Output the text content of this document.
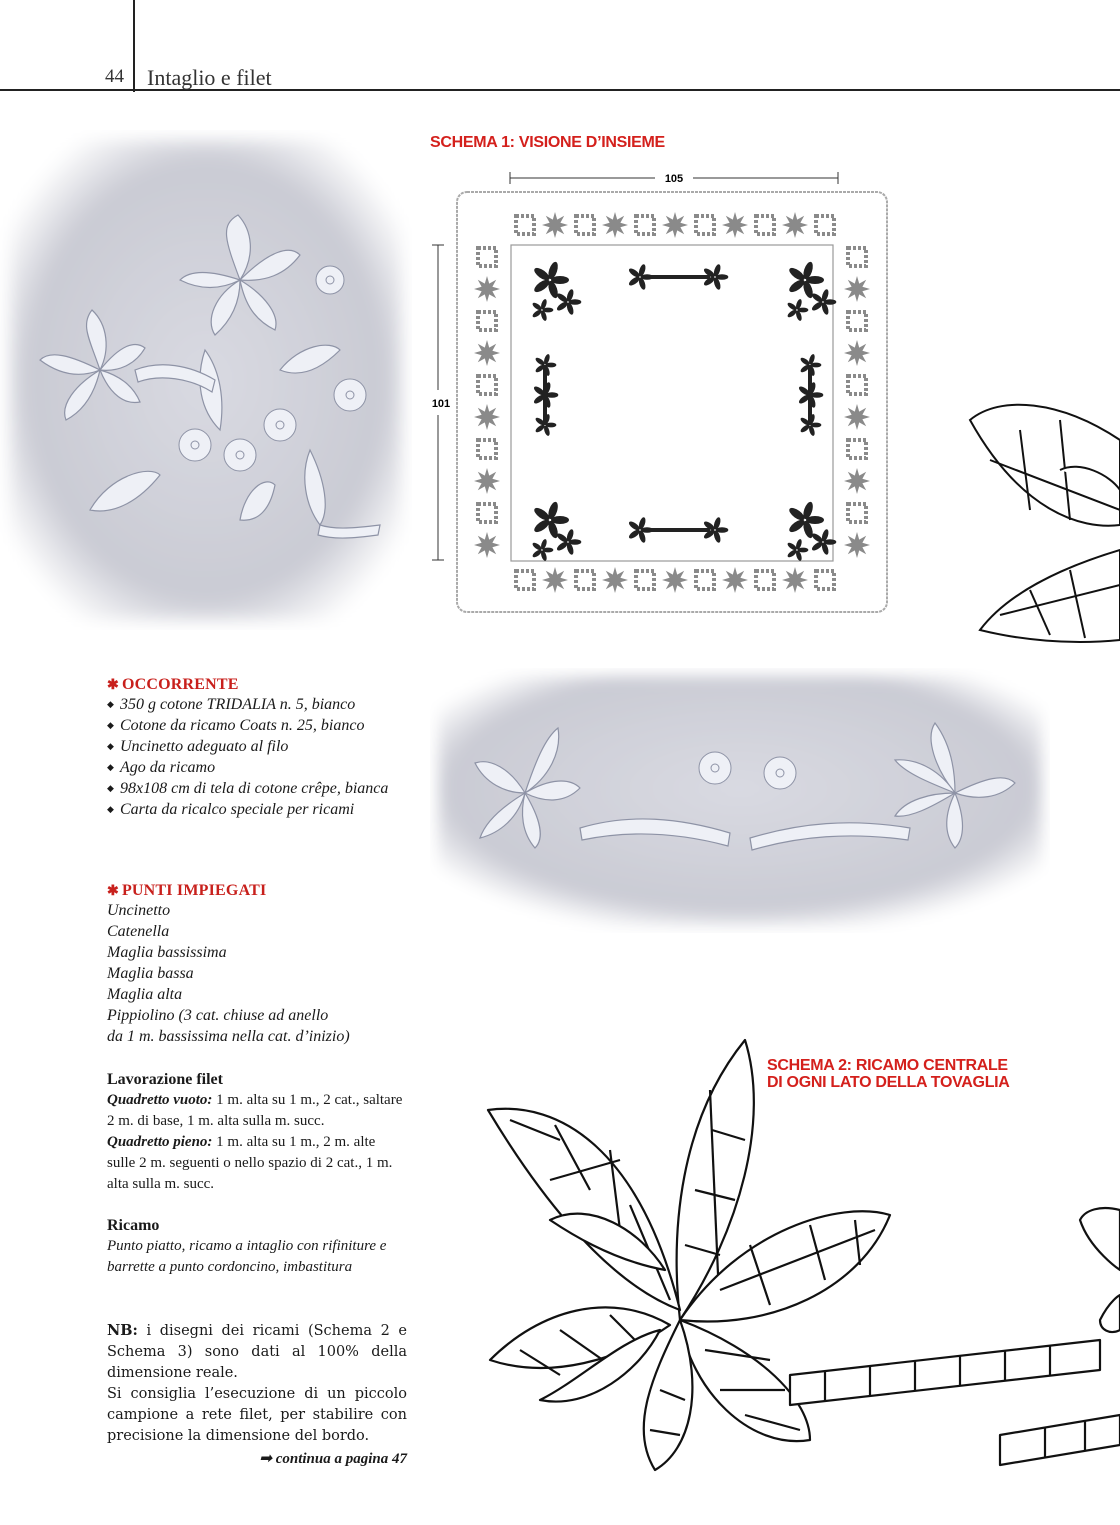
44 Intaglio e filet
SCHEMA 1: VISIONE D’INSIEME
105
101
✱ OCCORRENTE
◆ 350 g cotone TRIDALIA n. 5, bianco
◆ Cotone da ricamo Coats n. 25, bianco
◆ Uncinetto adeguato al filo
◆ Ago da ricamo
◆ 98x108 cm di tela di cotone crêpe, bianca
◆ Carta da ricalco speciale per ricami
✱ PUNTI IMPIEGATI
Uncinetto
Catenella
Maglia bassissima
Maglia bassa
Maglia alta
Pippiolino (3 cat. chiuse ad anello
da 1 m. bassissima nella cat. d’inizio)
Lavorazione filet
Quadretto vuoto: 1 m. alta su 1 m., 2 cat., saltare 2 m. di base, 1 m. alta sulla m. succ.
Quadretto pieno: 1 m. alta su 1 m., 2 m. alte sulle 2 m. seguenti o nello spazio di 2 cat., 1 m. alta sulla m. succ.
Ricamo
Punto piatto, ricamo a intaglio con rifiniture e barrette a punto cordoncino, imbastitura
NB: i disegni dei ricami (Schema 2 e Schema 3) sono dati al 100% della dimensione reale.
Si consiglia l’esecuzione di un piccolo campione a rete filet, per stabilire con precisione la dimensione del bordo.
➟ continua a pagina 47
SCHEMA 2: RICAMO CENTRALE
DI OGNI LATO DELLA TOVAGLIA
